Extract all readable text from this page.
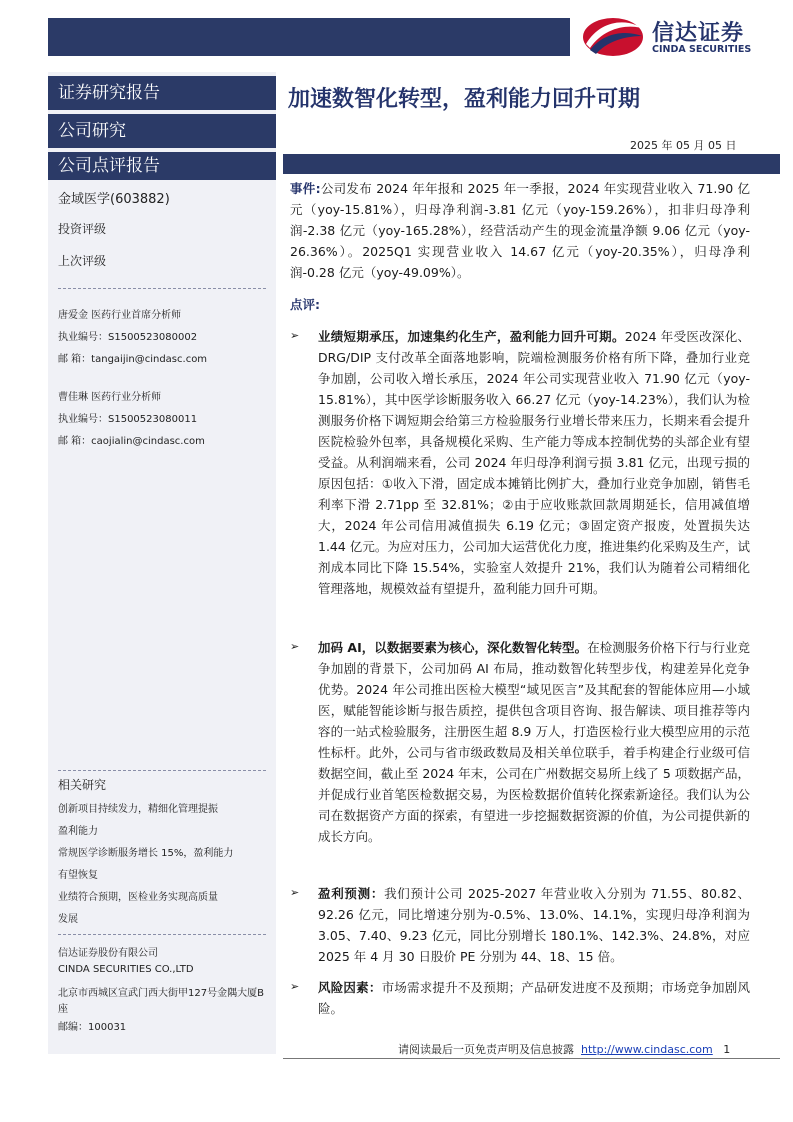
信达证券
CINDA SECURITIES
证券研究报告
公司研究
公司点评报告
金域医学(603882)
投资评级
上次评级
唐爱金 医药行业首席分析师
执业编号：S1500523080002
邮 箱：tangaijin@cindasc.com
曹佳琳 医药行业分析师
执业编号：S1500523080011
邮 箱：caojialin@cindasc.com
相关研究
创新项目持续发力，精细化管理提振
盈利能力
常规医学诊断服务增长 15%，盈利能力
有望恢复
业绩符合预期，医检业务实现高质量
发展
信达证券股份有限公司
CINDA SECURITIES CO.,LTD
北京市西城区宣武门西大街甲127号金隅大厦B
座
邮编：100031
加速数智化转型，盈利能力回升可期
2025 年 05 月 05 日

事件:公司发布 2024 年年报和 2025 年一季报，2024 年实现营业收入 71.90 亿元（yoy-15.81%），归母净利润-3.81 亿元（yoy-159.26%），扣非归母净利润-2.38 亿元（yoy-165.28%），经营活动产生的现金流量净额 9.06 亿元（yoy-26.36%）。2025Q1 实现营业收入 14.67 亿元（yoy-20.35%），归母净利润-0.28 亿元（yoy-49.09%）。

点评:
➢ 业绩短期承压，加速集约化生产，盈利能力回升可期。2024 年受医改深化、DRG/DIP 支付改革全面落地影响，院端检测服务价格有所下降，叠加行业竞争加剧，公司收入增长承压，2024 年公司实现营业收入 71.90 亿元（yoy-15.81%），其中医学诊断服务收入 66.27 亿元（yoy-14.23%），我们认为检测服务价格下调短期会给第三方检验服务行业增长带来压力，长期来看会提升医院检验外包率，具备规模化采购、生产能力等成本控制优势的头部企业有望受益。从利润端来看，公司 2024 年归母净利润亏损 3.81 亿元，出现亏损的原因包括：①收入下滑，固定成本摊销比例扩大，叠加行业竞争加剧，销售毛利率下滑 2.71pp 至 32.81%；②由于应收账款回款周期延长，信用减值增大，2024 年公司信用减值损失 6.19 亿元；③固定资产报废，处置损失达 1.44 亿元。为应对压力，公司加大运营优化力度，推进集约化采购及生产，试剂成本同比下降 15.54%，实验室人效提升 21%，我们认为随着公司精细化管理落地，规模效益有望提升，盈利能力回升可期。

➢ 加码 AI，以数据要素为核心，深化数智化转型。在检测服务价格下行与行业竞争加剧的背景下，公司加码 AI 布局，推动数智化转型步伐，构建差异化竞争优势。2024 年公司推出医检大模型“域见医言”及其配套的智能体应用—小域医，赋能智能诊断与报告质控，提供包含项目咨询、报告解读、项目推荐等内容的一站式检验服务，注册医生超 8.9 万人，打造医检行业大模型应用的示范性标杆。此外，公司与省市级政数局及相关单位联手，着手构建企行业级可信数据空间，截止至 2024 年末，公司在广州数据交易所上线了 5 项数据产品，并促成行业首笔医检数据交易，为医检数据价值转化探索新途径。我们认为公司在数据资产方面的探索，有望进一步挖掘数据资源的价值，为公司提供新的成长方向。

➢ 盈利预测：我们预计公司 2025-2027 年营业收入分别为 71.55、80.82、92.26 亿元，同比增速分别为-0.5%、13.0%、14.1%，实现归母净利润为 3.05、7.40、9.23 亿元，同比分别增长 180.1%、142.3%、24.8%，对应 2025 年 4 月 30 日股价 PE 分别为 44、18、15 倍。

➢ 风险因素：市场需求提升不及预期；产品研发进度不及预期；市场竞争加剧风险。

请阅读最后一页免责声明及信息披露 http://www.cindasc.com 1
